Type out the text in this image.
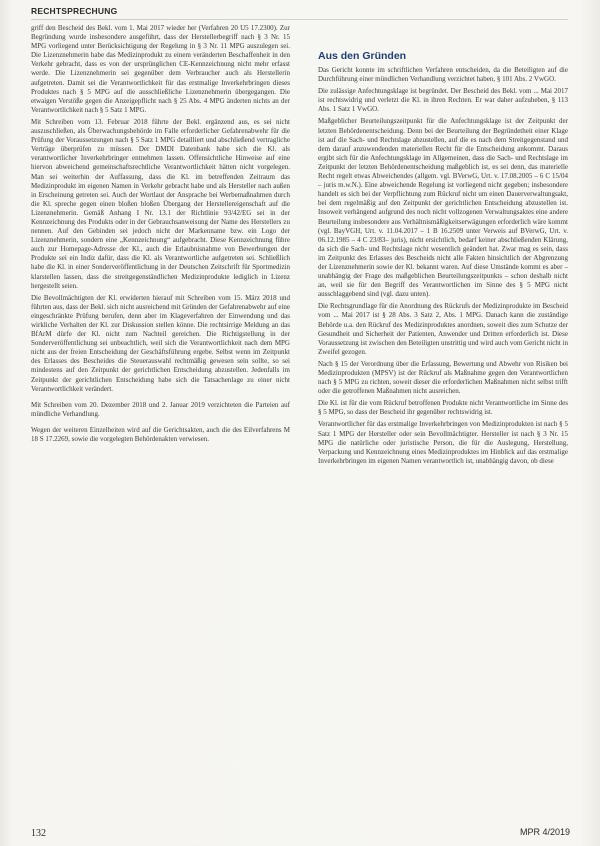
RECHTSPRECHUNG

griff den Bescheid des Bekl. vom 1. Mai 2017 wieder her (Verfahren 20 U5 17.2300). Zur Begründung wurde insbesondere ausgeführt, dass der Herstellerbegriff nach § 3 Nr. 15 MPG vorliegend unter Berücksichtigung der Regelung in § 3 Nr. 11 MPG auszulegen sei. Die Lizenznehmerin habe das Medizinprodukt zu einem veränderten Beschaffenheit in den Verkehr gebracht, dass es von der ursprünglichen CE-Kennzeichnung nicht mehr erfasst werde. Die Lizenznehmerin sei gegenüber dem Verbraucher auch als Herstellerin aufgetreten. Damit sei die Verantwortlichkeit für das erstmalige Inverkehrbringen dieses Produktes nach § 5 MPG auf die ausschließliche Lizenznehmerin übergegangen. Die etwaigen Verstöße gegen die Anzeigepflicht nach § 25 Abs. 4 MPG änderten nichts an der Verantwortlichkeit nach § 5 Satz 1 MPG.

Mit Schreiben vom 13. Februar 2018 führte der Bekl. ergänzend aus, es sei nicht auszuschließen, als Überwachungsbehörde im Falle erforderlicher Gefahrenabwehr für die Prüfung der Voraussetzungen nach § 5 Satz 1 MPG detailliert und abschließend vertragliche Verträge überprüfen zu müssen. Der DMDI Datenbank habe sich die Kl. als verantwortlicher Inverkehrbringer entnehmen lassen. Offensichtliche Hinweise auf eine hiervon abweichend gemeinschaftsrechtliche Verantwortlichkeit hätten nicht vorgelegen. Man sei weiterhin der Auffassung, dass die Kl. im betreffenden Zeitraum das Medizinprodukt im eigenen Namen in Verkehr gebracht habe und als Hersteller nach außen in Erscheinung getreten sei. Auch der Wortlaut der Ansprache bei Werbemaßnahmen durch die Kl. spreche gegen einen bloßen bloßen Übergang der Herstellereigenschaft auf die Lizenznehmerin. Gemäß Anhang I Nr. 13.1 der Richtlinie 93/42/EG sei in der Kennzeichnung des Produkts oder in der Gebrauchsanweisung der Name des Herstellers zu nennen. Auf den Gebinden sei jedoch nicht der Markenname bzw. ein Logo der Lizenznehmerin, sondern eine „Kennzeichnung“ aufgebracht. Diese Kennzeichnung führe auch zur Homepage-Adresse der Kl., auch die Erlaubnisnahme von Bewerbungen der Produkte sei ein Indiz dafür, dass die Kl. als Verantwortliche aufgetreten sei. Schließlich habe die Kl. in einer Sonderveröffentlichung in der Deutschen Zeitschrift für Sportmedizin klarstellen lassen, dass die streitgegenständlichen Medizinprodukte lediglich in Lizenz hergestellt seien.

Die Bevollmächtigten der Kl. erwiderten hierauf mit Schreiben vom 15. März 2018 und führten aus, dass der Bekl. sich nicht ausreichend mit Gründen der Gefahrenabwehr auf eine eingeschränkte Prüfung berufen, denn aber im Klageverfahren der Einwendung und das wirkliche Verhalten der Kl. zur Diskussion stellen könne. Die rechtsirrige Meldung an das BfArM dürfe der Kl. nicht zum Nachteil gereichen. Die Richtigstellung in der Sonderveröffentlichung sei unbeachtlich, weil sich die Verantwortlichkeit nach dem MPG nicht aus der freien Entscheidung der Geschäftsführung ergebe. Selbst wenn im Zeitpunkt des Erlasses des Bescheides die Steuerauswahl rechtmäßig gewesen sein sollte, so sei mindestens auf den Zeitpunkt der gerichtlichen Entscheidung abzustellen. Jedenfalls im Zeitpunkt der gerichtlichen Entscheidung habe sich die Tatsachenlage zu einer nicht Verantwortlichkeit verändert.

Mit Schreiben vom 20. Dezember 2018 und 2. Januar 2019 verzichteten die Parteien auf mündliche Verhandlung.

Wegen der weiteren Einzelheiten wird auf die Gerichtsakten, auch die des Eilverfahrens M 18 S 17.2269, sowie die vorgelegten Behördenakten verwiesen.

Aus den Gründen

Das Gericht konnte im schriftlichen Verfahren entscheiden, da die Beteiligten auf die Durchführung einer mündlichen Verhandlung verzichtet haben, § 101 Abs. 2 VwGO.

Die zulässige Anfechtungsklage ist begründet. Der Bescheid des Bekl. vom ... Mai 2017 ist rechtswidrig und verletzt die Kl. in ihren Rechten. Er war daher aufzuheben, § 113 Abs. 1 Satz 1 VwGO.

Maßgeblicher Beurteilungszeitpunkt für die Anfechtungsklage ist der Zeitpunkt der letzten Behördenentscheidung. Denn bei der Beurteilung der Begründetheit einer Klage ist auf die Sach- und Rechtslage abzustellen, auf die es nach dem Streitgegenstand und dem darauf anzuwendenden materiellen Recht für die Entscheidung ankommt. Daraus ergibt sich für die Anfechtungsklage im Allgemeinen, dass die Sach- und Rechtslage im Zeitpunkt der letzten Behördenentscheidung maßgeblich ist, es sei denn, das materielle Recht regelt etwas Abweichendes (allgem. vgl. BVerwG, Urt. v. 17.08.2005 – 6 C 15/04 – juris m.w.N.). Eine abweichende Regelung ist vorliegend nicht gegeben; insbesondere handelt es sich bei der Verpflichtung zum Rückruf nicht um einen Dauerverwaltungsakt, bei dem regelmäßig auf den Zeitpunkt der gerichtlichen Entscheidung abzustellen ist. Insoweit verhängend aufgrund des noch nicht vollzogenen Verwaltungsaktes eine andere Beurteilung insbesondere aus Verhältnismäßigkeitserwägungen erforderlich wäre kommt (vgl. BayVGH, Urt. v. 11.04.2017 – 1 B 16.2509 unter Verweis auf BVerwG, Urt. v. 06.12.1985 – 4 C 23/83– juris), nicht ersichtlich, bedarf keiner abschließenden Klärung, da sich die Sach- und Rechtslage nicht wesentlich geändert hat. Zwar mag es sein, dass im Zeitpunkt des Erlasses des Bescheids nicht alle Fakten hinsichtlich der Abgrenzung der Lizenznehmerin sowie der Kl. bekannt waren. Auf diese Umstände kommt es aber – unabhängig der Frage des maßgeblichen Beurteilungszeitpunkts – schon deshalb nicht an, weil sie für den Begriff des Verantwortlichen im Sinne des § 5 MPG nicht ausschlaggebend sind (vgl. dazu unten).

Die Rechtsgrundlage für die Anordnung des Rückrufs der Medizinprodukte im Bescheid vom ... Mai 2017 ist § 28 Abs. 3 Satz 2, Abs. 1 MPG. Danach kann die zuständige Behörde u.a. den Rückruf des Medizinproduktes anordnen, soweit dies zum Schutze der Gesundheit und Sicherheit der Patienten, Anwender und Dritten erforderlich ist. Diese Voraussetzung ist zwischen den Beteiligten unstrittig und wird auch vom Gericht nicht in Zweifel gezogen.

Nach § 15 der Verordnung über die Erfassung, Bewertung und Abwehr von Risiken bei Medizinprodukten (MPSV) ist der Rückruf als Maßnahme gegen den Verantwortlichen nach § 5 MPG zu richten, soweit dieser die erforderlichen Maßnahmen nicht selbst trifft oder die getroffenen Maßnahmen nicht ausreichen.

Die Kl. ist für die vom Rückruf betroffenen Produkte nicht Verantwortliche im Sinne des § 5 MPG, so dass der Bescheid ihr gegenüber rechtswidrig ist.

Verantwortlicher für das erstmalige Inverkehrbringen von Medizinprodukten ist nach § 5 Satz 1 MPG der Hersteller oder sein Bevollmächtigter. Hersteller ist nach § 3 Nr. 15 MPG die natürliche oder juristische Person, die für die Auslegung, Herstellung, Verpackung und Kennzeichnung eines Medizinproduktes im Hinblick auf das erstmalige Inverkehrbringen im eigenen Namen verantwortlich ist, unabhängig davon, ob diese

132	MPR 4/2019
